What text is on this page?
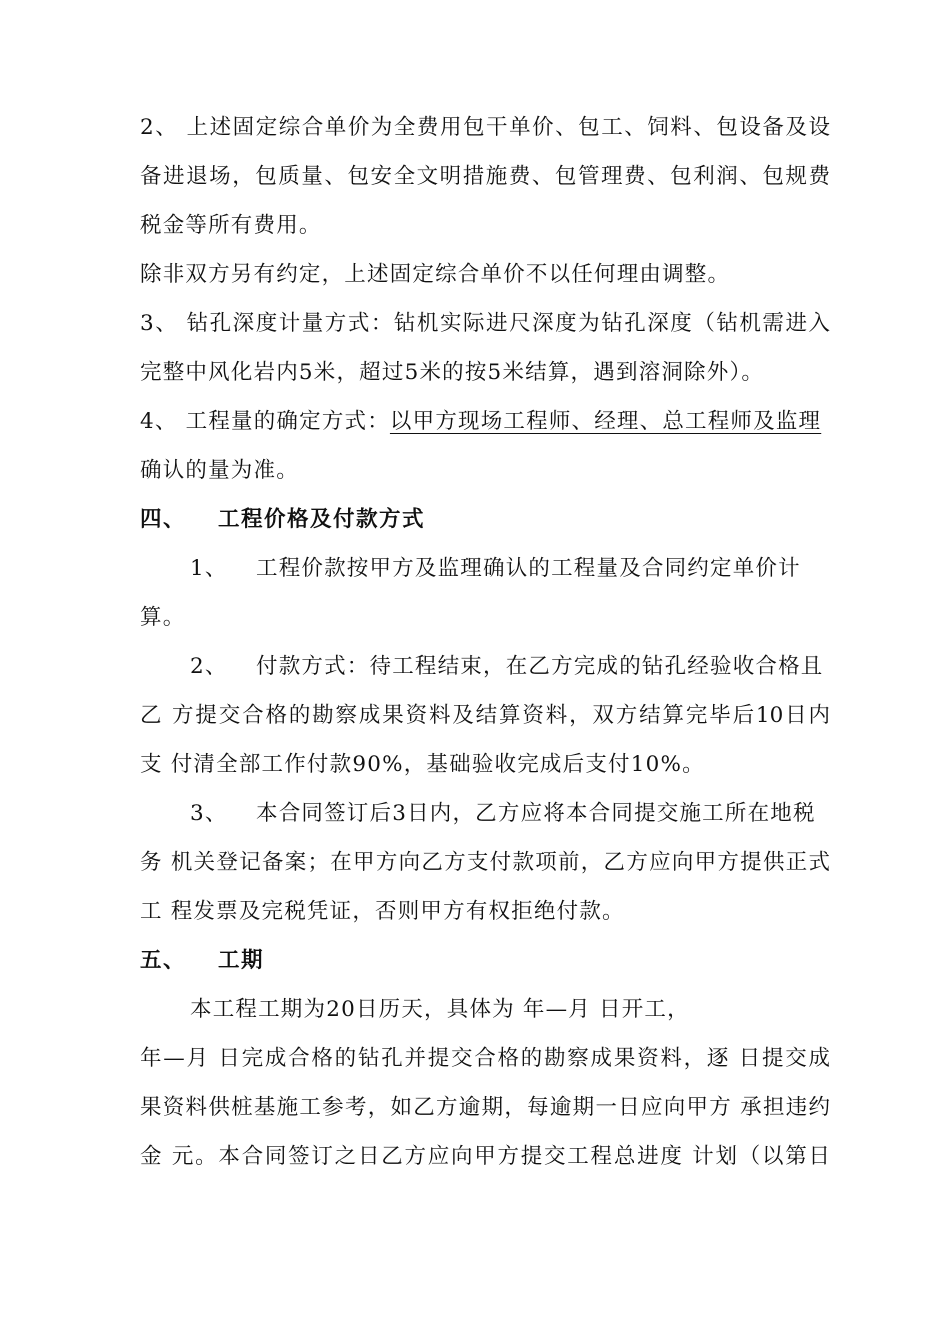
2、 上述固定综合单价为全费用包干单价、包工、饲料、包设备及设
备进退场，包质量、包安全文明措施费、包管理费、包利润、包规费
税金等所有费用。
除非双方另有约定，上述固定综合单价不以任何理由调整。
3、 钻孔深度计量方式：钻机实际进尺深度为钻孔深度（钻机需进入
完整中风化岩内5米，超过5米的按5米结算，遇到溶洞除外）。
4、 工程量的确定方式：以甲方现场工程师、经理、总工程师及监理
确认的量为准。
四、 工程价格及付款方式
1、 工程价款按甲方及监理确认的工程量及合同约定单价计
算。
2、 付款方式：待工程结束，在乙方完成的钻孔经验收合格且
乙 方提交合格的勘察成果资料及结算资料，双方结算完毕后10日内
支 付清全部工作付款90%，基础验收完成后支付10%。
3、 本合同签订后3日内，乙方应将本合同提交施工所在地税
务 机关登记备案；在甲方向乙方支付款项前，乙方应向甲方提供正式
工 程发票及完税凭证，否则甲方有权拒绝付款。
五、 工期
本工程工期为20日历天，具体为 年—月 日开工，
年—月 日完成合格的钻孔并提交合格的勘察成果资料，逐 日提交成
果资料供桩基施工参考，如乙方逾期，每逾期一日应向甲方 承担违约
金 元。本合同签订之日乙方应向甲方提交工程总进度 计划（以第日
